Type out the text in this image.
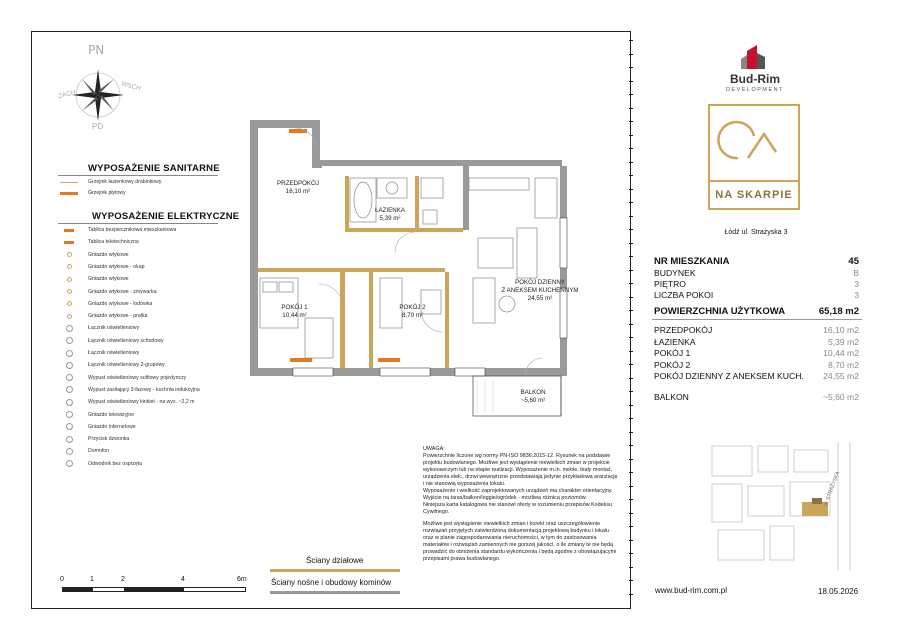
PN
PD
ZACH
WSCH
WYPOSAŻENIE SANITARNE
Grzejnik łazienkowy drabinkowy
Grzejnik płytowy
WYPOSAŻENIE ELEKTRYCZNE
Tablica bezpiecznikowa mieszkaniowa
Tablica teletechniczna
Gniazdo wtykowe
Gniazdo wtykowe - okap
Gniazdo wtykowe
Gniazdo wtykowe - zmywarka
Gniazdo wtykowe - lodówka
Gniazdo wtykowe - pralka
Łącznik oświetleniowy
Łącznik oświetleniowy schodowy
Łącznik oświetleniowy
Łącznik oświetleniowy 2-grupowy
Wypust oświetleniowy sufitowy pojedynczy
Wypust zasilający 3-fazowy - kuchnia indukcyjna
Wypust oświetleniowy kinkiet - na wys. ~2,2 m
Gniazdo telewizyjne
Gniazdo internetowe
Przycisk dzwonka
Domofon
Odwodnik bez osprzętu
0	1	2	4	6m
Ściany działowe
Ściany nośne i obudowy kominów
PRZEDPOKÓJ
16,10 m²
ŁAZIENKA
5,39 m²
POKÓJ 1
10,44 m²
POKÓJ 2
8,70 m²
POKÓJ DZIENNY
Z ANEKSEM KUCHENNYM
24,55 m²
BALKON
~5,60 m²
UWAGA:
Powierzchnie liczone wg normy PN-ISO 9836:2015-12. Rysunek na podstawie projektu budowlanego. Możliwe jest wystąpienie niewielkich zmian w projekcie wykonawczym lub na etapie realizacji. Wyposażenie m.in. meble, biały montaż, urządzenia elek., drzwi wewnętrzne przedstawiają jedynie przykładową aranżację i nie stanowią wyposażenia lokalu.
Wyposażenie i wielkość zaprojektowanych urządzeń ma charakter orientacyjny. Wyjście na taras/balkon/loggie/ogródek - możliwa różnica poziomów.
Niniejsza karta katalogowa nie stanowi oferty w rozumieniu przepisów Kodeksu Cywilnego.
Możliwe jest wystąpienie niewielkich zmian i korekt oraz uszczegółowienie rozwiązań przyjętych zatwierdzoną dokumentacją projektową budynku i lokalu oraz w planie zagospodarowania nieruchomości, w tym do zastosowania materiałów i rozwiązań zamiennych nie gorszej jakości, o ile zmiany te nie będą prowadzić do obniżenia standardu wykończenia i będą zgodne z obowiązującymi przepisami prawa budowlanego.
Bud-Rim
DEVELOPMENT
NA SKARPIE
Łódź ul. Strażyska 3
NR MIESZKANIA	45
BUDYNEK	B
PIĘTRO	3
LICZBA POKOI	3
POWIERZCHNIA UŻYTKOWA	65,18 m2
PRZEDPOKÓJ	16,10 m2
ŁAZIENKA	5,39 m2
POKÓJ 1	10,44 m2
POKÓJ 2	8,70 m2
POKÓJ DZIENNY Z ANEKSEM KUCH. 24,55 m2
BALKON	~5,60 m2
ul. STRAŻYSKA
www.bud-rim.com.pl	18.05.2026
